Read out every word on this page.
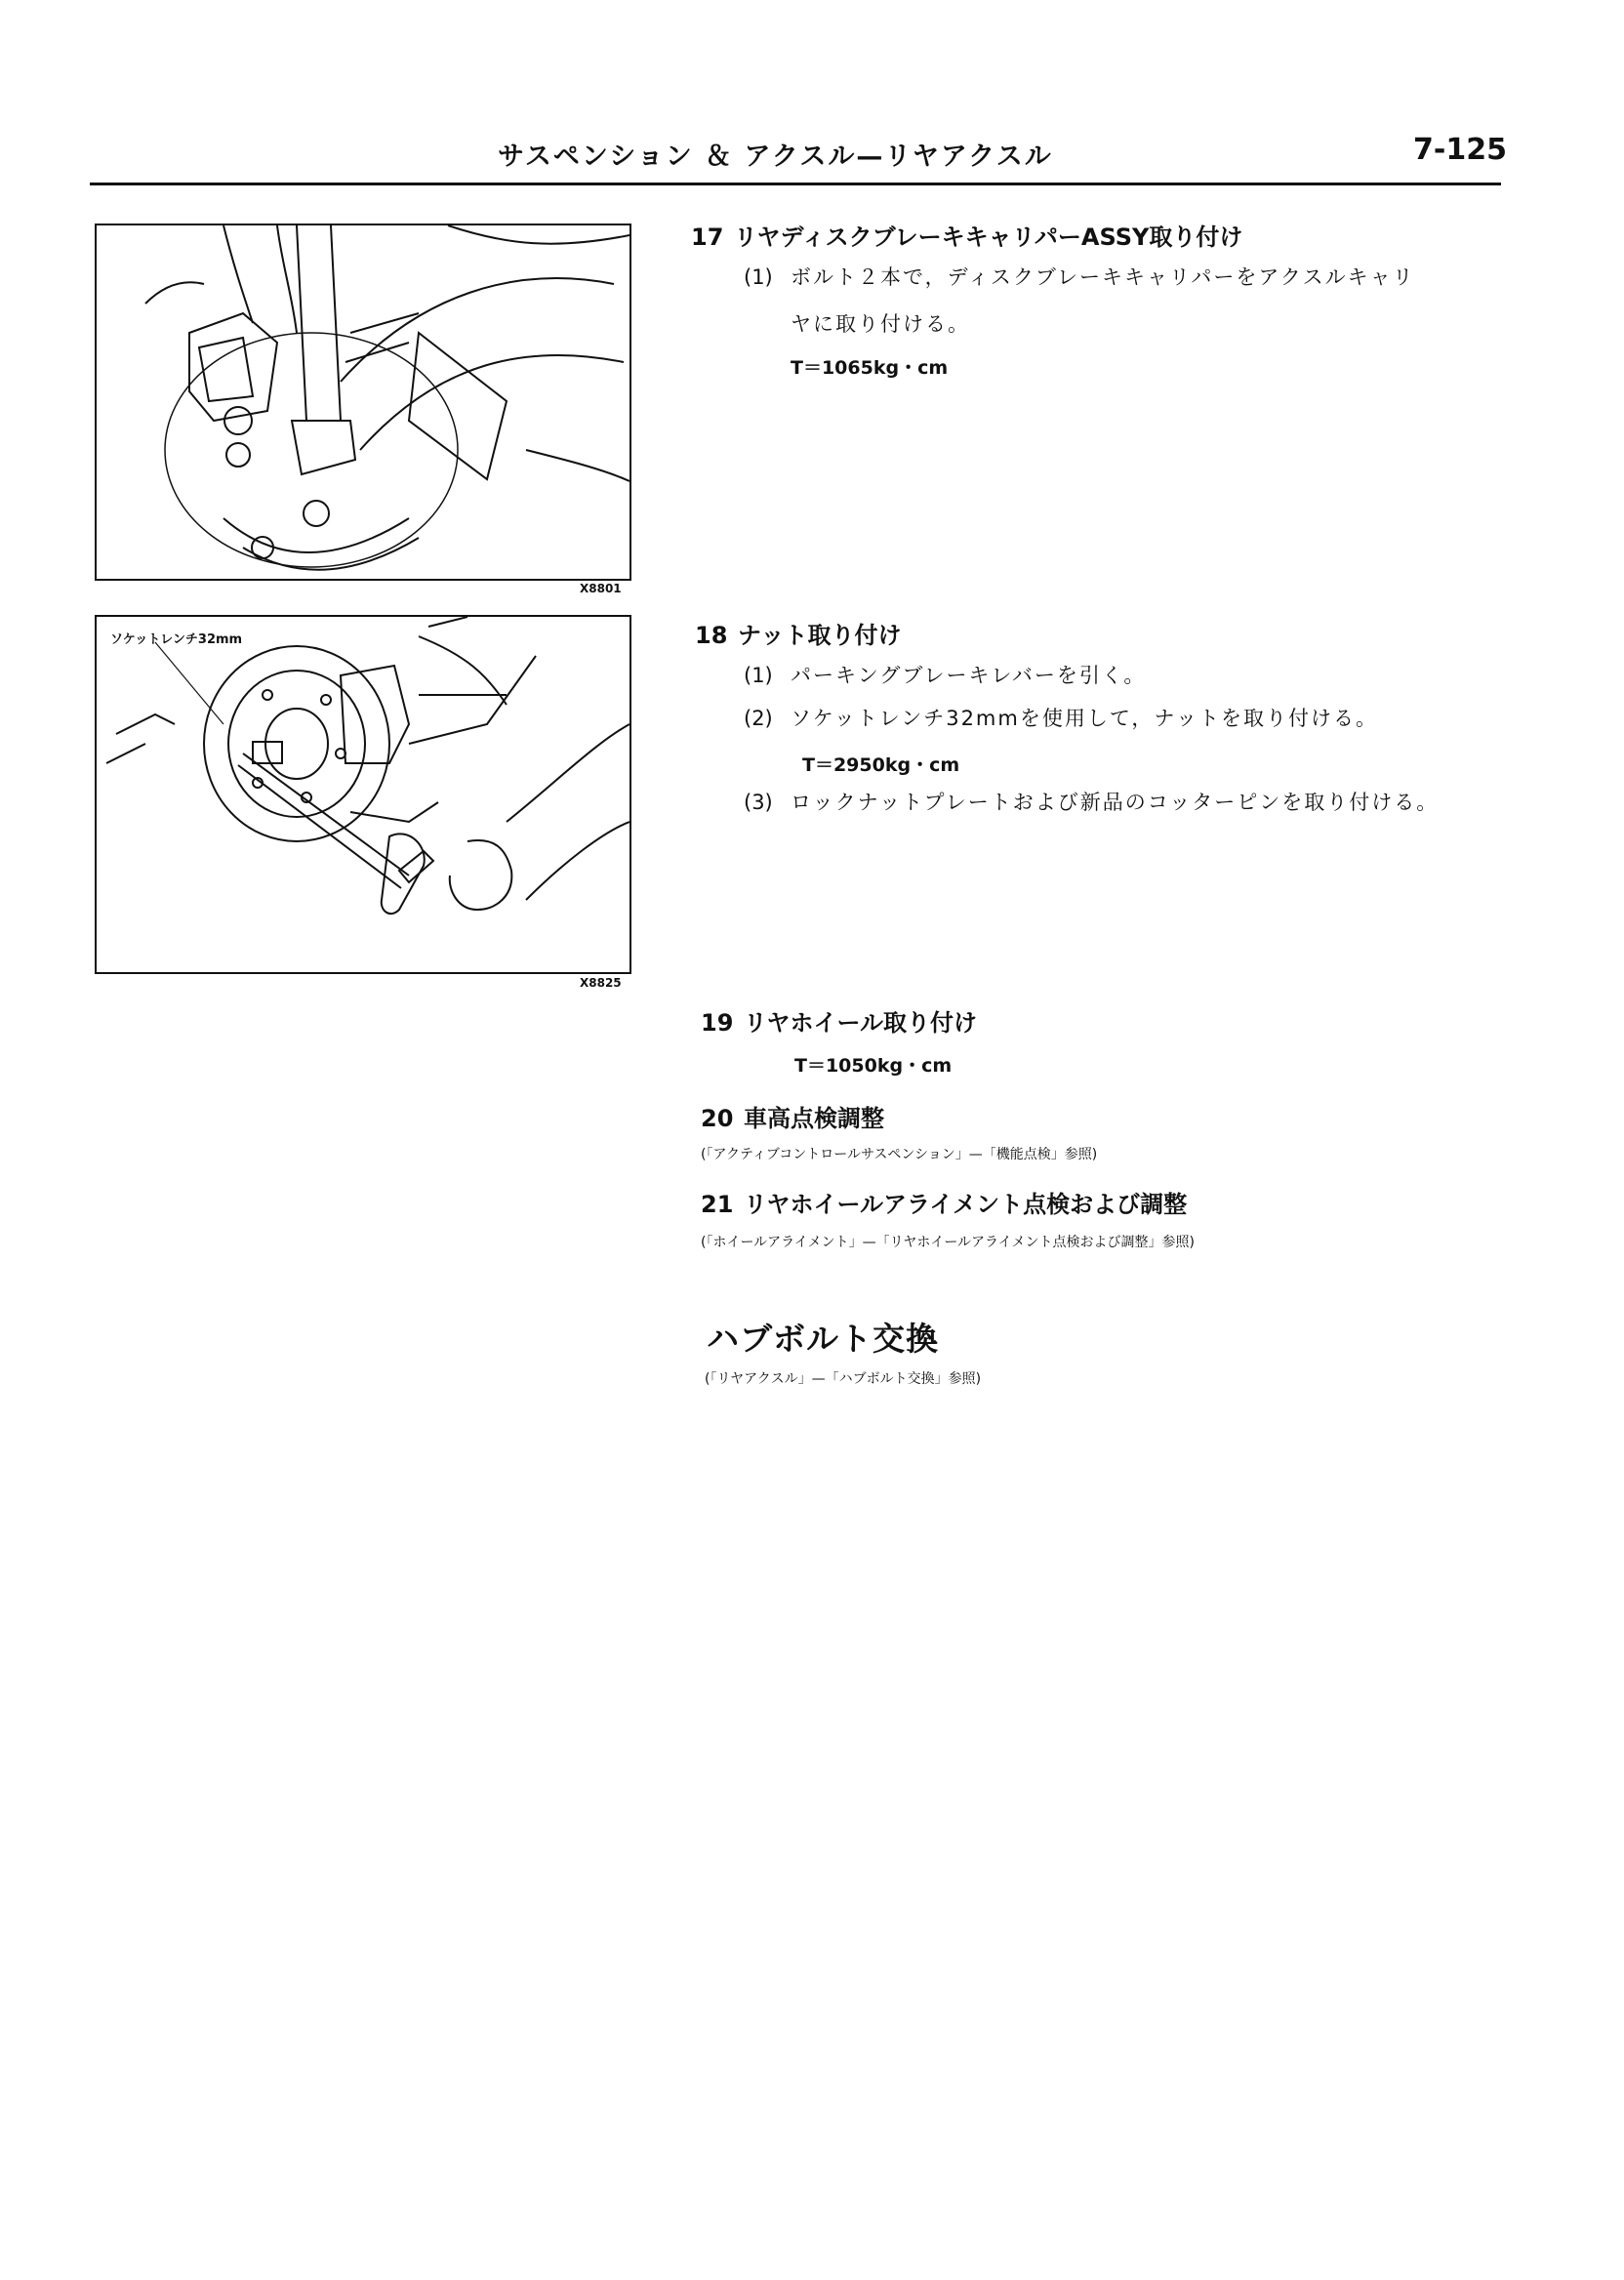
サスペンション ＆ アクスル—リヤアクスル	7-125
X8801
ソケットレンチ32mm
X8825
17 リヤディスクブレーキキャリパーASSY取り付け
(1) ボルト２本で，ディスクブレーキキャリパーをアクスルキャリ
ヤに取り付ける。
T＝1065kg・cm
18 ナット取り付け
(1) パーキングブレーキレバーを引く。
(2) ソケットレンチ32mmを使用して，ナットを取り付ける。
T＝2950kg・cm
(3) ロックナットプレートおよび新品のコッターピンを取り付ける。
19 リヤホイール取り付け
T＝1050kg・cm
20 車高点検調整
(「アクティブコントロールサスペンション」—「機能点検」参照)
21 リヤホイールアライメント点検および調整
(「ホイールアライメント」—「リヤホイールアライメント点検および調整」参照)
ハブボルト交換
(「リヤアクスル」—「ハブボルト交換」参照)
